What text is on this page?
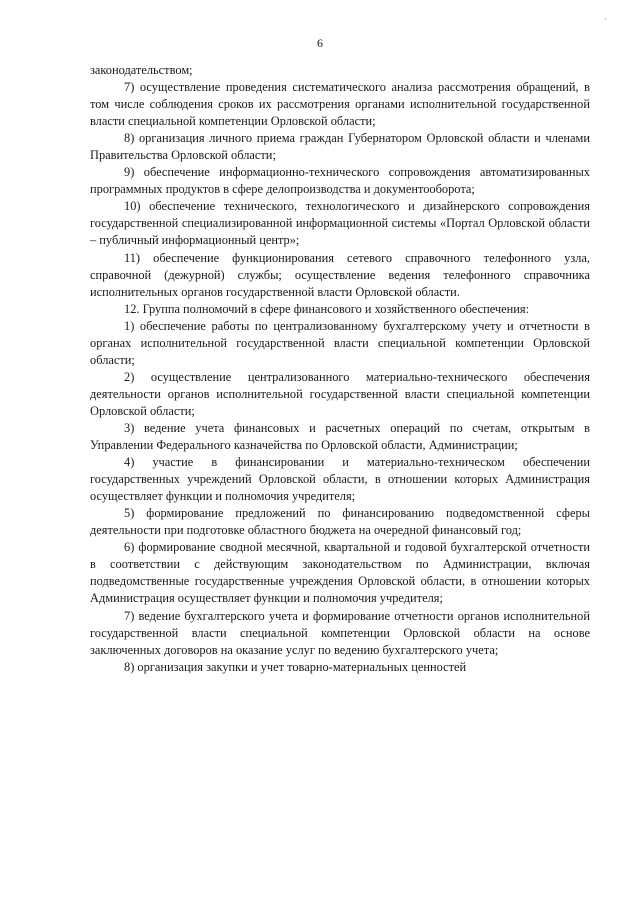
·
6

законодательством;

7) осуществление проведения систематического анализа рассмотрения обращений, в том числе соблюдения сроков их рассмотрения органами исполнительной государственной власти специальной компетенции Орловской области;

8) организация личного приема граждан Губернатором Орловской области и членами Правительства Орловской области;

9) обеспечение информационно-технического сопровождения автоматизированных программных продуктов в сфере делопроизводства и документооборота;

10) обеспечение технического, технологического и дизайнерского сопровождения государственной специализированной информационной системы «Портал Орловской области – публичный информационный центр»;

11) обеспечение функционирования сетевого справочного телефонного узла, справочной (дежурной) службы; осуществление ведения телефонного справочника исполнительных органов государственной власти Орловской области.

12. Группа полномочий в сфере финансового и хозяйственного обеспечения:

1) обеспечение работы по централизованному бухгалтерскому учету и отчетности в органах исполнительной государственной власти специальной компетенции Орловской области;

2) осуществление централизованного материально-технического обеспечения деятельности органов исполнительной государственной власти специальной компетенции Орловской области;

3) ведение учета финансовых и расчетных операций по счетам, открытым в Управлении Федерального казначейства по Орловской области, Администрации;

4) участие в финансировании и материально-техническом обеспечении государственных учреждений Орловской области, в отношении которых Администрация осуществляет функции и полномочия учредителя;

5) формирование предложений по финансированию подведомственной сферы деятельности при подготовке областного бюджета на очередной финансовый год;

6) формирование сводной месячной, квартальной и годовой бухгалтерской отчетности в соответствии с действующим законодательством по Администрации, включая подведомственные государственные учреждения Орловской области, в отношении которых Администрация осуществляет функции и полномочия учредителя;

7) ведение бухгалтерского учета и формирование отчетности органов исполнительной государственной власти специальной компетенции Орловской области на основе заключенных договоров на оказание услуг по ведению бухгалтерского учета;

8) организация закупки и учет товарно-материальных ценностей
